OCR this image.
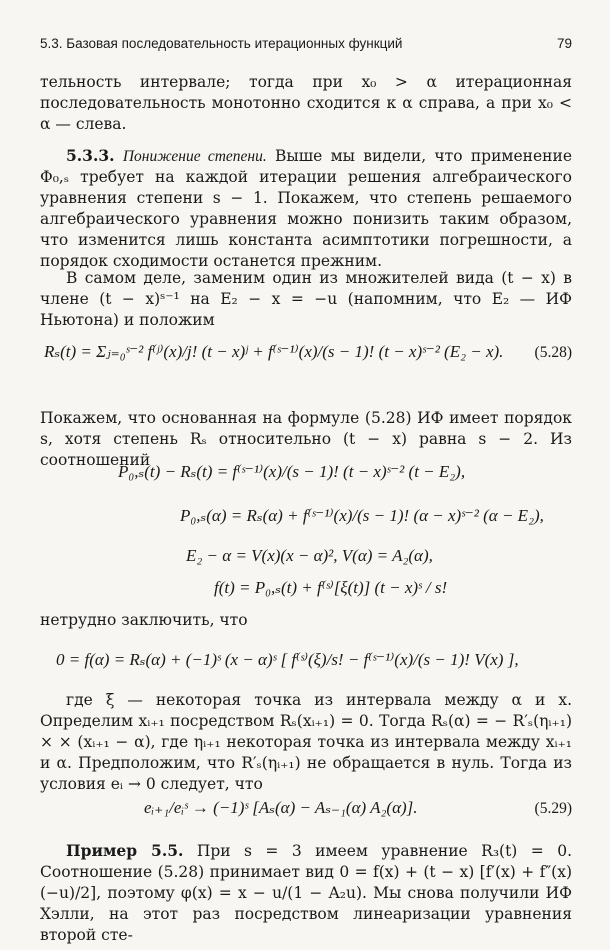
5.3. Базовая последовательность итерационных функций	79

тельность интервале; тогда при x₀ > α итерационная последовательность монотонно сходится к α справа, а при x₀ < α — слева.

5.3.3. Понижение степени. Выше мы видели, что применение Φ₀,ₛ требует на каждой итерации решения алгебраического уравнения степени s − 1. Покажем, что степень решаемого алгебраического уравнения можно понизить таким образом, что изменится лишь константа асимптотики погрешности, а порядок сходимости останется прежним.

В самом деле, заменим один из множителей вида (t − x) в члене (t − x)ˢ⁻¹ на E₂ − x = −u (напомним, что E₂ — ИФ Ньютона) и положим

Rₛ(t) = Σⱼ₌₀ˢ⁻² f⁽ʲ⁾(x)/j! (t − x)ʲ + f⁽ˢ⁻¹⁾(x)/(s − 1)! (t − x)ˢ⁻² (E₂ − x). (5.28)

Покажем, что основанная на формуле (5.28) ИФ имеет порядок s, хотя степень Rₛ относительно (t − x) равна s − 2. Из соотношений

P₀,ₛ(t) − Rₛ(t) = f⁽ˢ⁻¹⁾(x)/(s − 1)! (t − x)ˢ⁻² (t − E₂),
P₀,ₛ(α) = Rₛ(α) + f⁽ˢ⁻¹⁾(x)/(s − 1)! (α − x)ˢ⁻² (α − E₂),
E₂ − α = V(x)(x − α)², V(α) = A₂(α),
f(t) = P₀,ₛ(t) + f⁽ˢ⁾[ξ(t)] (t − x)ˢ / s!

нетрудно заключить, что

0 = f(α) = Rₛ(α) + (−1)ˢ (x − α)ˢ [ f⁽ˢ⁾(ξ)/s! − f⁽ˢ⁻¹⁾(x)/(s − 1)! V(x) ],

где ξ — некоторая точка из интервала между α и x. Определим xᵢ₊₁ посредством Rₛ(xᵢ₊₁) = 0. Тогда Rₛ(α) = − R′ₛ(ηᵢ₊₁) × × (xᵢ₊₁ − α), где ηᵢ₊₁ некоторая точка из интервала между xᵢ₊₁ и α. Предположим, что R′ₛ(ηᵢ₊₁) не обращается в нуль. Тогда из условия eᵢ → 0 следует, что

eᵢ₊₁/eᵢˢ → (−1)ˢ [Aₛ(α) − Aₛ₋₁(α) A₂(α)].	(5.29)

Пример 5.5. При s = 3 имеем уравнение R₃(t) = 0. Соотношение (5.28) принимает вид 0 = f(x) + (t − x) [f′(x) + f″(x) (−u)/2], поэтому φ(x) = x − u/(1 − A₂u). Мы снова получили ИФ Хэлли, на этот раз посредством линеаризации уравнения второй сте-
